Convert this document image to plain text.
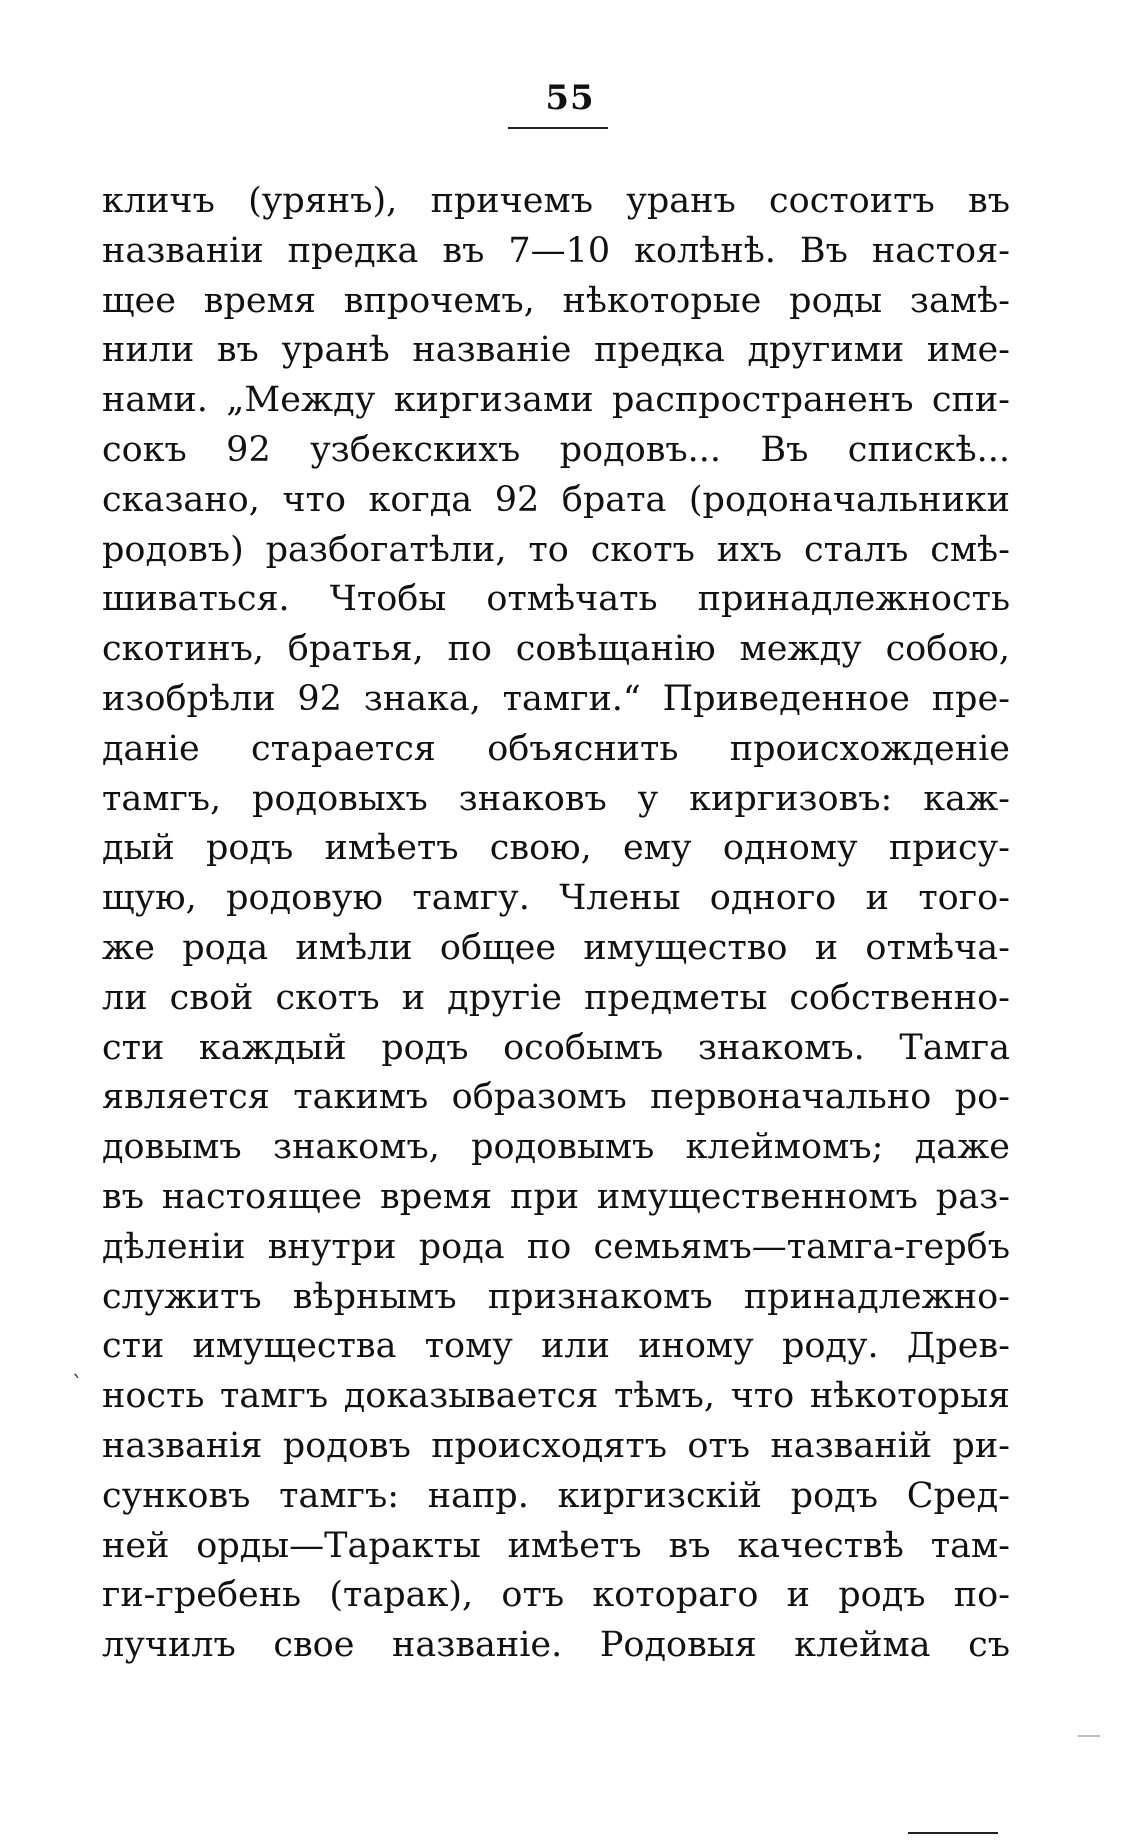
55
кличъ (урянъ), причемъ уранъ состоитъ въ
названiи предка въ 7—10 колѣнѣ. Въ настоя-
щее время впрочемъ, нѣкоторые роды замѣ-
нили въ уранѣ названiе предка другими име-
нами. „Между киргизами распространенъ спи-
сокъ 92 узбекскихъ родовъ... Въ спискѣ...
сказано, что когда 92 брата (родоначальники
родовъ) разбогатѣли, то скотъ ихъ сталъ смѣ-
шиваться. Чтобы отмѣчать принадлежность
скотинъ, братья, по совѣщанiю между собою,
изобрѣли 92 знака, тамги.“ Приведенное пре-
данiе старается объяснить происхожденiе
тамгъ, родовыхъ знаковъ у киргизовъ: каж-
дый родъ имѣетъ свою, ему одному прису-
щую, родовую тамгу. Члены одного и того-
же рода имѣли общее имущество и отмѣча-
ли свой скотъ и другiе предметы собственно-
сти каждый родъ особымъ знакомъ. Тамга
является такимъ образомъ первоначально ро-
довымъ знакомъ, родовымъ клеймомъ; даже
въ настоящее время при имущественномъ раз-
дѣленiи внутри рода по семьямъ—тамга-гербъ
служитъ вѣрнымъ признакомъ принадлежно-
сти имущества тому или иному роду. Древ-
ность тамгъ доказывается тѣмъ, что нѣкоторыя
названiя родовъ происходятъ отъ названiй ри-
сунковъ тамгъ: напр. киргизскiй родъ Сред-
ней орды—Таракты имѣетъ въ качествѣ там-
ги-гребень (тарак), отъ котораго и родъ по-
лучилъ свое названiе. Родовыя клейма съ
ˋ
